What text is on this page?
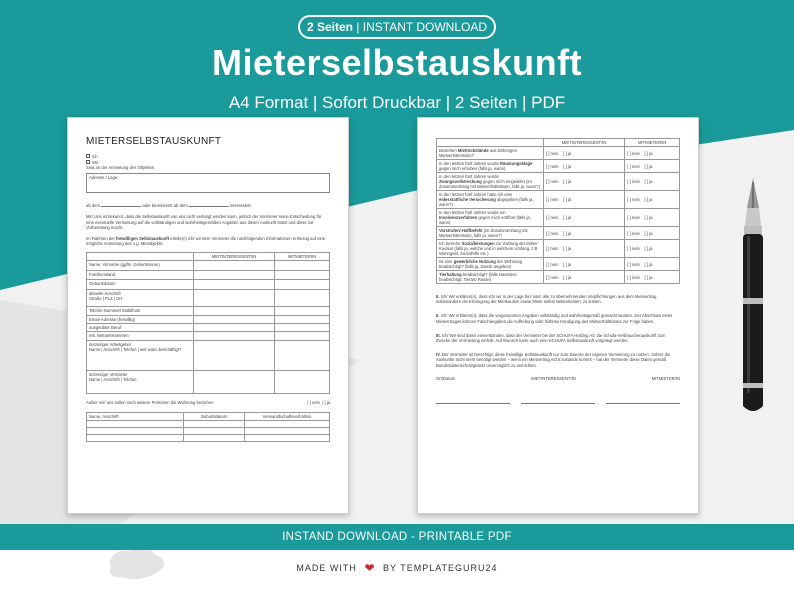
2 Seiten | INSTANT DOWNLOAD
Mieterselbstauskunft
A4 Format | Sofort Druckbar | 2 Seiten | PDF
MIETERSELBSTAUSKUNFT
Ich
Wir
Sind an der Anmietung des Objektes
Adresse / Lage:
ab dem	oder bereits/erst ab dem	interessiert.
Mir/ Uns ist bekannt, dass die Selbstauskunft von uns nicht verlangt werden kann, jedoch der Vermieter seine Entscheidung für eine eventuelle Vermietung auf die vollständigen und wahrheitsgemäßen Angaben aus dieser Auskunft stützt und diese zur Vorbereitung macht.
Im Rahmen der freiwilligen Selbstauskunft erteile(n) ich/ wir dem Vermieter die nachfolgenden Informationen in Bezug auf eine mögliche Anmietung des o.g. Mietobjekts:
	MIETINTERESSENT/IN	MITMIETER/IN
Name, Vorname (ggfls. Geburtsname)		
Familienstand		
Geburtsdatum		
aktuelle Anschrift
Straße | PLZ | Ort		
Telefon-Nummer/ Mobilfunk		
Email-Adresse (freiwillig)		
ausgeübter Beruf		
mtl. Nettoeinkommen		
derzeitiger Arbeitgeber
Name | Anschrift | Telefon | seit wann beschäftigt?		
derzeitiger Vermieter
Name | Anschrift | Telefon		
Außer mir/ uns sollen noch weitere Personen die Wohnung beziehen	| ] nein | ] ja
Name, Anschrift	Geburtsdatum	Verwandtschaftsverhältnis

	MIETINTERESSENT/IN	MITMIETER/IN
Bestehen Mietrückstände aus bisherigen Mietverhältnissen?	[ ] nein [ ] ja	[ ] nein [ ] ja
In den letzten fünf Jahren wurde Räumungsklage gegen mich erhoben (falls ja, wann)	[ ] nein [ ] ja	[ ] nein [ ] ja
In den letzten fünf Jahren wurde Zwangsvollstreckung gegen mich eingeleitet (im Zusammenhang mit Mietverhältnissen, falls ja, wann?)	[ ] nein [ ] ja	[ ] nein [ ] ja
In den letzten fünf Jahren habe ich eine eidesstattliche Versicherung abgegeben (falls ja, wann?)	[ ] nein [ ] ja	[ ] nein [ ] ja
In den letzten fünf Jahren wurde ein Insolvenzverfahren gegen mich eröffnet (falls ja, wann)	[ ] nein [ ] ja	[ ] nein [ ] ja
Vorstrafen/ Haftbefehl (im Zusammenhang mit Mietverhältnissen, falls ja, wann?)	[ ] nein [ ] ja	[ ] nein [ ] ja
Ich beziehe Sozialleistungen zur Zahlung der Miete/ Kaution (falls ja, welche und in welchem Umfang, z.B Wohngeld, Sozialhilfe etc.)	[ ] nein [ ] ja	[ ] nein [ ] ja
Ist eine gewerbliche Nutzung der Wohnung beabsichtigt? (falls ja, Zweck angeben)	[ ] nein [ ] ja	[ ] nein [ ] ja
Tierhaltung beabsichtigt? (falls Haustiere beabsichtigt: Tierart/ Rasse)	[ ] nein [ ] ja	[ ] nein [ ] ja
II. Ich/ Wir erklären(n), dass ich/ wir in der Lage bin/ sind, alle zu übernehmenden Verpflichtungen aus dem Mietvertrag, insbesondere die Erbringung der Mietkaution sowie Miete selbst Nebenkosten, zu leisten.
II. Ich/ Wir erklären(n), dass die vorgenannten Angaben vollständig und wahrheitsgemäß gemacht wurden. Der Abschluss eines Mietvertrages können Falschangaben die Aufhebung oder fristlose Kündigung des Mietverhältnisses zur Folge haben.
III. Ich/ Wir sind damit einverstanden, dass der Vermieter bei der SCHUFA Holding AG die Schufa-Verbraucherauskunft zum Zwecke der Vermietung einholt. Auf Wunsch kann auch eine SCHUFA Selbstauskunft vorgelegt werden.
IV. Der Vermieter ist berechtigt, diese freiwillige Selbstauskunft nur zum Zwecke der eigenen Vermietung zu nutzen. Sofern die Auskünfte nicht mehr benötigt werden – wenn ein Mietvertrag nicht zustande kommt – hat der Vermieter diese Daten gemäß Bundesdatenschutzgesetz unverzüglich zu vernichten.
Ort/Datum	MIETINTERESSENT/IN	MITMIETER/IN
INSTAND DOWNLOAD - PRINTABLE PDF
MADE WITH ❤ BY TEMPLATEGURU24
